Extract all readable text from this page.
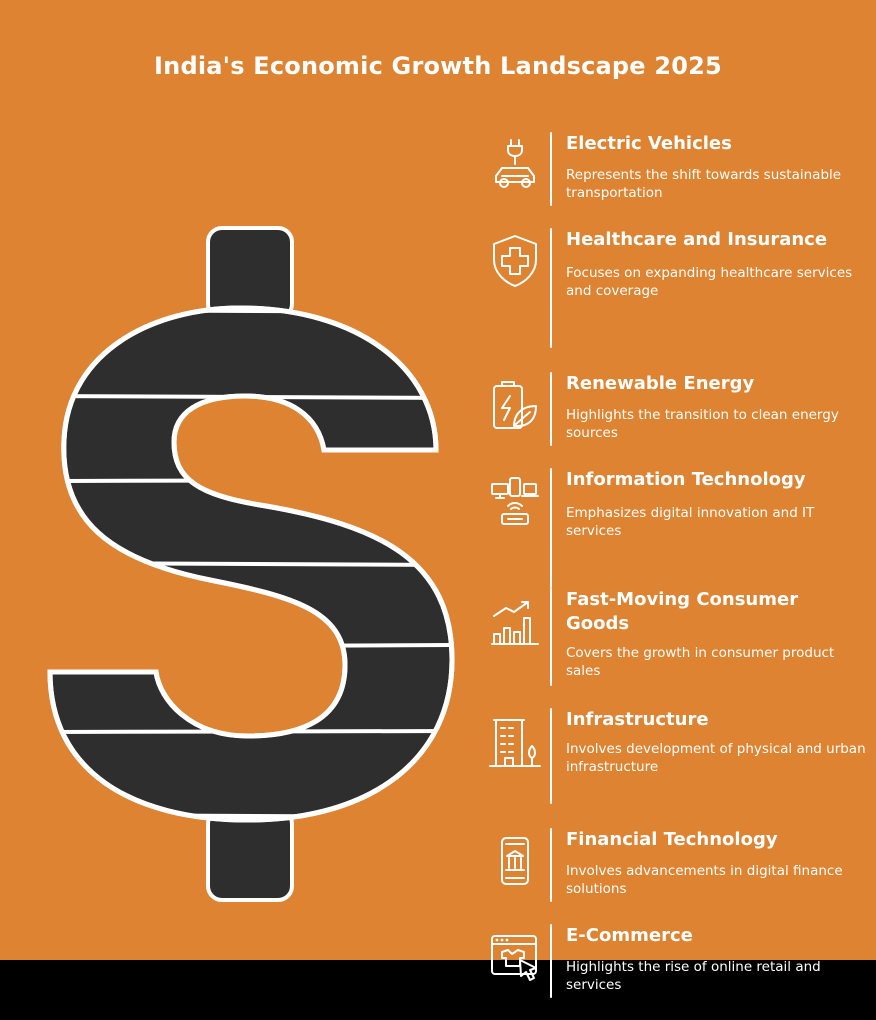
India's Economic Growth Landscape 2025
Electric Vehicles
Represents the shift towards sustainable transportation
Healthcare and Insurance
Focuses on expanding healthcare services and coverage
Renewable Energy
Highlights the transition to clean energy sources
Information Technology
Emphasizes digital innovation and IT services
Fast-Moving Consumer Goods
Covers the growth in consumer product sales
Infrastructure
Involves development of physical and urban infrastructure
Financial Technology
Involves advancements in digital finance solutions
E-Commerce
Highlights the rise of online retail and services
